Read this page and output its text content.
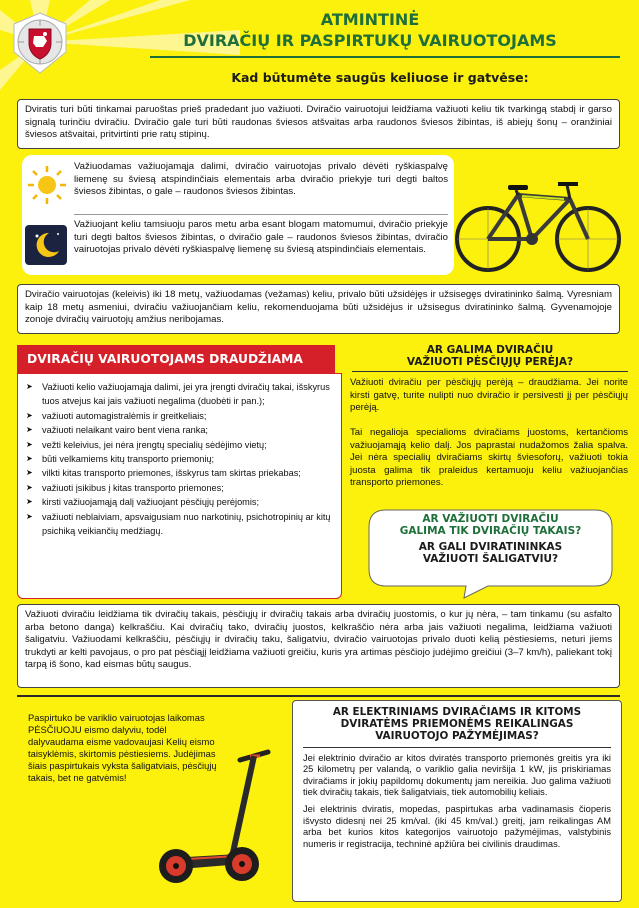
ATMINTINĖ
DVIRAČIŲ IR PASPIRTUKŲ VAIRUOTOJAMS
Kad būtumėte saugūs keliuose ir gatvėse:
Dviratis turi būti tinkamai paruoštas prieš pradedant juo važiuoti. Dviračio vairuotojui leidžiama važiuoti keliu tik tvarkingą stabdį ir garso signalą turinčiu dviračiu. Dviračio gale turi būti raudonas šviesos atšvaitas arba raudonos šviesos žibintas, iš abiejų šonų – oranžiniai šviesos atšvaitai, pritvirtinti prie ratų stipinų.
Važiuodamas važiuojamąja dalimi, dviračio vairuotojas privalo dėvėti ryškiaspalvę liemenę su šviesą atspindinčiais elementais arba dviračio priekyje turi degti baltos šviesos žibintas, o gale – raudonos šviesos žibintas.
Važiuojant keliu tamsiuoju paros metu arba esant blogam matomumui, dviračio priekyje turi degti baltos šviesos žibintas, o dviračio gale – raudonos šviesos žibintas, dviračio vairuotojas privalo dėvėti ryškiaspalvę liemenę su šviesą atspindinčiais elementais.
Dviračio vairuotojas (keleivis) iki 18 metų, važiuodamas (vežamas) keliu, privalo būti užsidėjęs ir užsisegęs dviratininko šalmą. Vyresniam kaip 18 metų asmeniui, dviračiu važiuojančiam keliu, rekomenduojama būti užsidėjus ir užsisegus dviratininko šalmą. Gyvenamojoje zonoje dviračių vairuotojų amžius neribojamas.
DVIRAČIŲ VAIRUOTOJAMS DRAUDŽIAMA
➤ Važiuoti kelio važiuojamąja dalimi, jei yra įrengti dviračių takai, išskyrus tuos atvejus kai jais važiuoti negalima (duobėti ir pan.);
➤ važiuoti automagistralėmis ir greitkeliais;
➤ važiuoti nelaikant vairo bent viena ranka;
➤ vežti keleivius, jei nėra įrengtų specialių sėdėjimo vietų;
➤ būti velkamiems kitų transporto priemonių;
➤ vilkti kitas transporto priemones, išskyrus tam skirtas priekabas;
➤ važiuoti įsikibus į kitas transporto priemones;
➤ kirsti važiuojamąją dalį važiuojant pėsčiųjų perėjomis;
➤ važiuoti neblaiviam, apsvaigusiam nuo narkotinių, psichotropinių ar kitų psichiką veikiančių medžiagų.
AR GALIMA DVIRAČIU
VAŽIUOTI PĖSČIŲJŲ PERĖJA?
Važiuoti dviračiu per pėsčiųjų perėją – draudžiama. Jei norite kirsti gatvę, turite nulipti nuo dviračio ir persivesti jį per pėsčiųjų perėją.
Tai negalioja specialioms dviračiams juostoms, kertančioms važiuojamąją kelio dalį. Jos paprastai nudažomos žalia spalva. Jei nėra specialių dviračiams skirtų šviesoforų, važiuoti tokia juosta galima tik praleidus kertamuoju keliu važiuojančias transporto priemones.
AR VAŽIUOTI DVIRAČIU
GALIMA TIK DVIRAČIŲ TAKAIS?
AR GALI DVIRATININKAS
VAŽIUOTI ŠALIGATVIU?
Važiuoti dviračiu leidžiama tik dviračių takais, pėsčiųjų ir dviračių takais arba dviračių juostomis, o kur jų nėra, – tam tinkamu (su asfalto arba betono danga) kelkraščiu. Kai dviračių tako, dviračių juostos, kelkraščio nėra arba jais važiuoti negalima, leidžiama važiuoti šaligatviu. Važiuodami kelkraščiu, pėsčiųjų ir dviračių taku, šaligatviu, dviračio vairuotojas privalo duoti kelią pėstiesiems, neturi jiems trukdyti ar kelti pavojaus, o pro pat pėsčiąjį leidžiama važiuoti greičiu, kuris yra artimas pėsčiojo judėjimo greičiui (3–7 km/h), paliekant tokį tarpą iš šono, kad eismas būtų saugus.
Paspirtuko be variklio vairuotojas laikomas PĖSČIUOJU eismo dalyviu, todėl dalyvaudama eisme vadovaujasi Kelių eismo taisyklėmis, skirtomis pėstiesiems. Judėjimas šiais paspirtukais vyksta šaligatviais, pėsčiųjų takais, bet ne gatvėmis!
AR ELEKTRINIAMS DVIRAČIAMS IR KITOMS
DVIRATĖMS PRIEMONĖMS REIKALINGAS
VAIRUOTOJO PAŽYMĖJIMAS?
Jei elektrinio dviračio ar kitos dviratės transporto priemonės greitis yra iki 25 kilometrų per valandą, o variklio galia neviršija 1 kW, jis priskiriamas dviračiams ir jokių papildomų dokumentų jam nereikia. Juo galima važiuoti tiek dviračių takais, tiek šaligatviais, tiek automobilių keliais.
Jei elektrinis dviratis, mopedas, paspirtukas arba vadinamasis čioperis išvysto didesnį nei 25 km/val. (iki 45 km/val.) greitį, jam reikalingas AM arba bet kurios kitos kategorijos vairuotojo pažymėjimas, valstybinis numeris ir registracija, techninė apžiūra bei civilinis draudimas.
